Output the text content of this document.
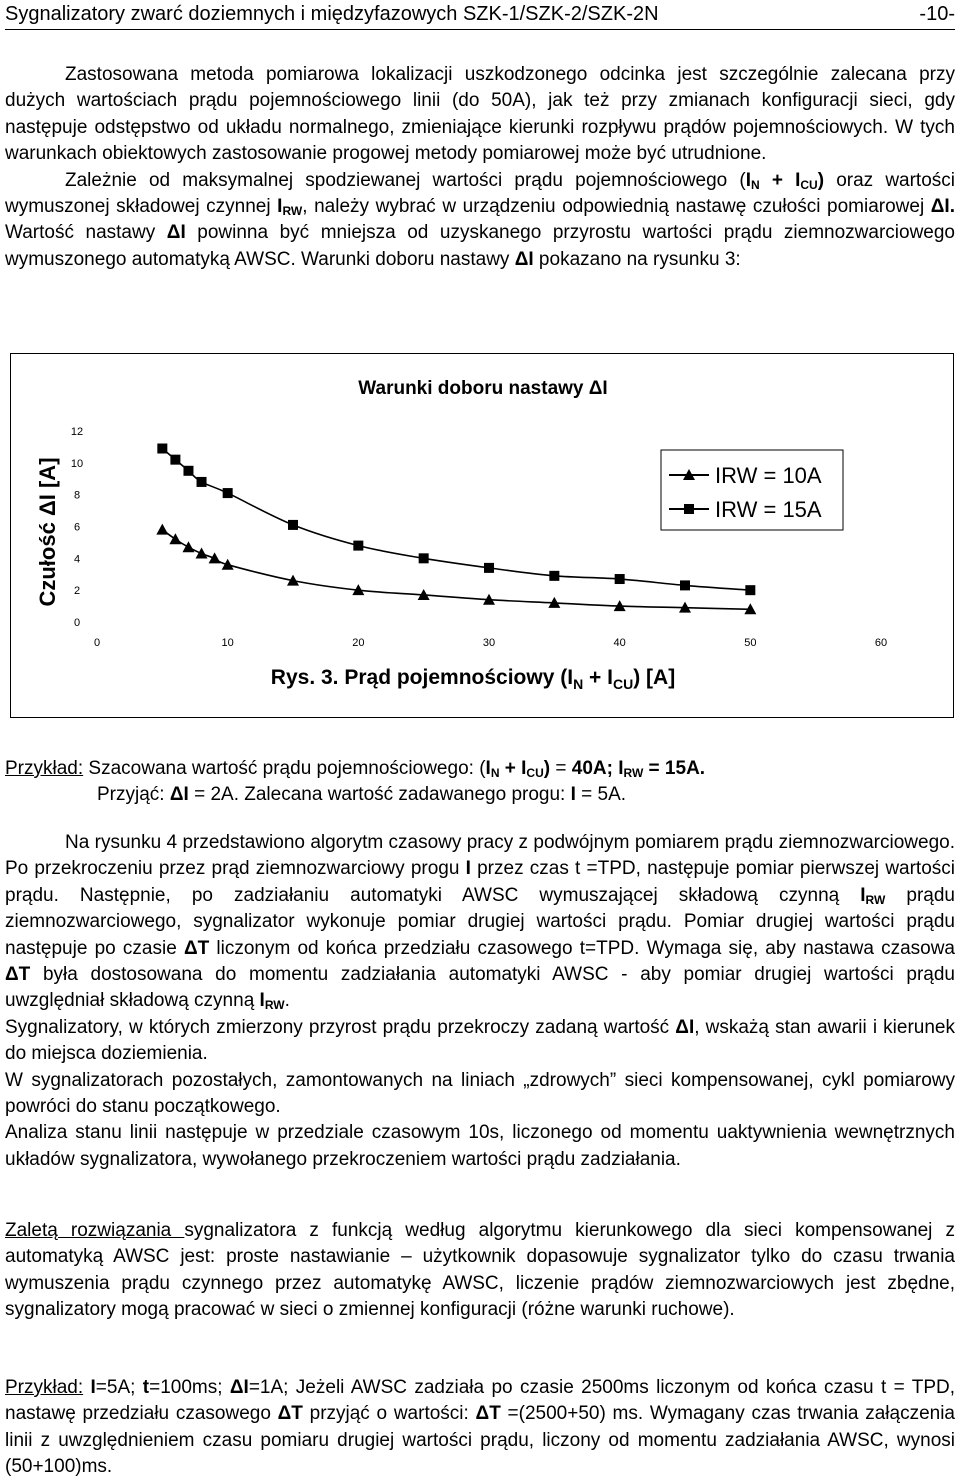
Sygnalizatory zwarć doziemnych i międzyfazowych SZK-1/SZK-2/SZK-2N	-10-

Zastosowana metoda pomiarowa lokalizacji uszkodzonego odcinka jest szczególnie zalecana przy dużych wartościach prądu pojemnościowego linii (do 50A), jak też przy zmianach konfiguracji sieci, gdy następuje odstępstwo od układu normalnego, zmieniające kierunki rozpływu prądów pojemnościowych. W tych warunkach obiektowych zastosowanie progowej metody pomiarowej może być utrudnione.

Zależnie od maksymalnej spodziewanej wartości prądu pojemnościowego $(I_N + I_{CU})$ oraz wartości wymuszonej składowej czynnej $I_{RW}$, należy wybrać w urządzeniu odpowiednią nastawę czułości pomiarowej ΔI. Wartość nastawy ΔI powinna być mniejsza od uzyskanego przyrostu wartości prądu ziemnozwarciowego wymuszonego automatyką AWSC. Warunki doboru nastawy ΔI pokazano na rysunku 3:

Warunki doboru nastawy ΔI
0
2
4
6
8
10
12
0	10	20	30	40	50	60
Czułość ΔI [A]
Rys. 3. Prąd pojemnościowy $(I_N + I_{CU})$ [A]
IRW = 10A
IRW = 15A
Przykład: Szacowana wartość prądu pojemnościowego: $(I_N + I_{CU}) = 40A$; $I_{RW} = 15A$.
Przyjąć: ΔI = 2A. Zalecana wartość zadawanego progu: I = 5A.

Na rysunku 4 przedstawiono algorytm czasowy pracy z podwójnym pomiarem prądu ziemnozwarciowego. Po przekroczeniu przez prąd ziemnozwarciowy progu I przez czas t =TPD, następuje pomiar pierwszej wartości prądu. Następnie, po zadziałaniu automatyki AWSC wymuszającej składową czynną $I_{RW}$ prądu ziemnozwarciowego, sygnalizator wykonuje pomiar drugiej wartości prądu. Pomiar drugiej wartości prądu następuje po czasie ΔT liczonym od końca przedziału czasowego t=TPD. Wymaga się, aby nastawa czasowa ΔT była dostosowana do momentu zadziałania automatyki AWSC - aby pomiar drugiej wartości prądu uwzględniał składową czynną $I_{RW}$.

Sygnalizatory, w których zmierzony przyrost prądu przekroczy zadaną wartość ΔI, wskażą stan awarii i kierunek do miejsca doziemienia.

W sygnalizatorach pozostałych, zamontowanych na liniach „zdrowych” sieci kompensowanej, cykl pomiarowy powróci do stanu początkowego.

Analiza stanu linii następuje w przedziale czasowym 10s, liczonego od momentu uaktywnienia wewnętrznych układów sygnalizatora, wywołanego przekroczeniem wartości prądu zadziałania.

Zaletą rozwiązania sygnalizatora z funkcją według algorytmu kierunkowego dla sieci kompensowanej z automatyką AWSC jest: proste nastawianie – użytkownik dopasowuje sygnalizator tylko do czasu trwania wymuszenia prądu czynnego przez automatykę AWSC, liczenie prądów ziemnozwarciowych jest zbędne, sygnalizatory mogą pracować w sieci o zmiennej konfiguracji (różne warunki ruchowe).
Przykład: I=5A; t=100ms; ΔI=1A; Jeżeli AWSC zadziała po czasie 2500ms liczonym od końca czasu t = TPD, nastawę przedziału czasowego ΔT przyjąć o wartości: ΔT =(2500+50) ms. Wymagany czas trwania załączenia linii z uwzględnieniem czasu pomiaru drugiej wartości prądu, liczony od momentu zadziałania AWSC, wynosi (50+100)ms.
